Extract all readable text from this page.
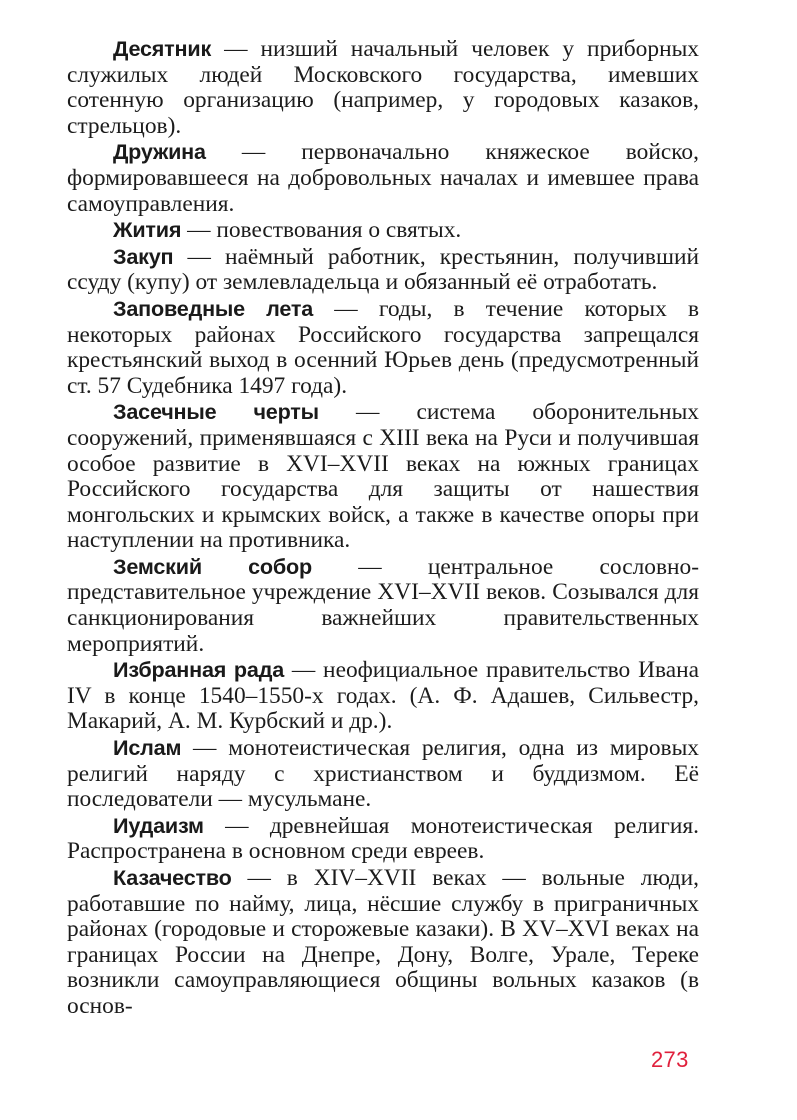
Десятник — низший начальный человек у приборных служилых людей Московского государства, имевших сотенную организацию (например, у городовых казаков, стрельцов).

Дружина — первоначально княжеское войско, формировавшееся на добровольных началах и имевшее права самоуправления.

Жития — повествования о святых.

Закуп — наёмный работник, крестьянин, получивший ссуду (купу) от землевладельца и обязанный её отработать.

Заповедные лета — годы, в течение которых в некоторых районах Российского государства запрещался крестьянский выход в осенний Юрьев день (предусмотренный ст. 57 Судебника 1497 года).

Засечные черты — система оборонительных сооружений, применявшаяся с XIII века на Руси и получившая особое развитие в XVI–XVII веках на южных границах Российского государства для защиты от нашествия монгольских и крымских войск, а также в качестве опоры при наступлении на противника.

Земский собор — центральное сословно-представительное учреждение XVI–XVII веков. Созывался для санкционирования важнейших правительственных мероприятий.

Избранная рада — неофициальное правительство Ивана IV в конце 1540–1550-х годах. (А. Ф. Адашев, Сильвестр, Макарий, А. М. Курбский и др.).

Ислам — монотеистическая религия, одна из мировых религий наряду с христианством и буддизмом. Её последователи — мусульмане.

Иудаизм — древнейшая монотеистическая религия. Распространена в основном среди евреев.

Казачество — в XIV–XVII веках — вольные люди, работавшие по найму, лица, нёсшие службу в приграничных районах (городовые и сторожевые казаки). В XV–XVI веках на границах России на Днепре, Дону, Волге, Урале, Тереке возникли самоуправляющиеся общины вольных казаков (в основ-

273
